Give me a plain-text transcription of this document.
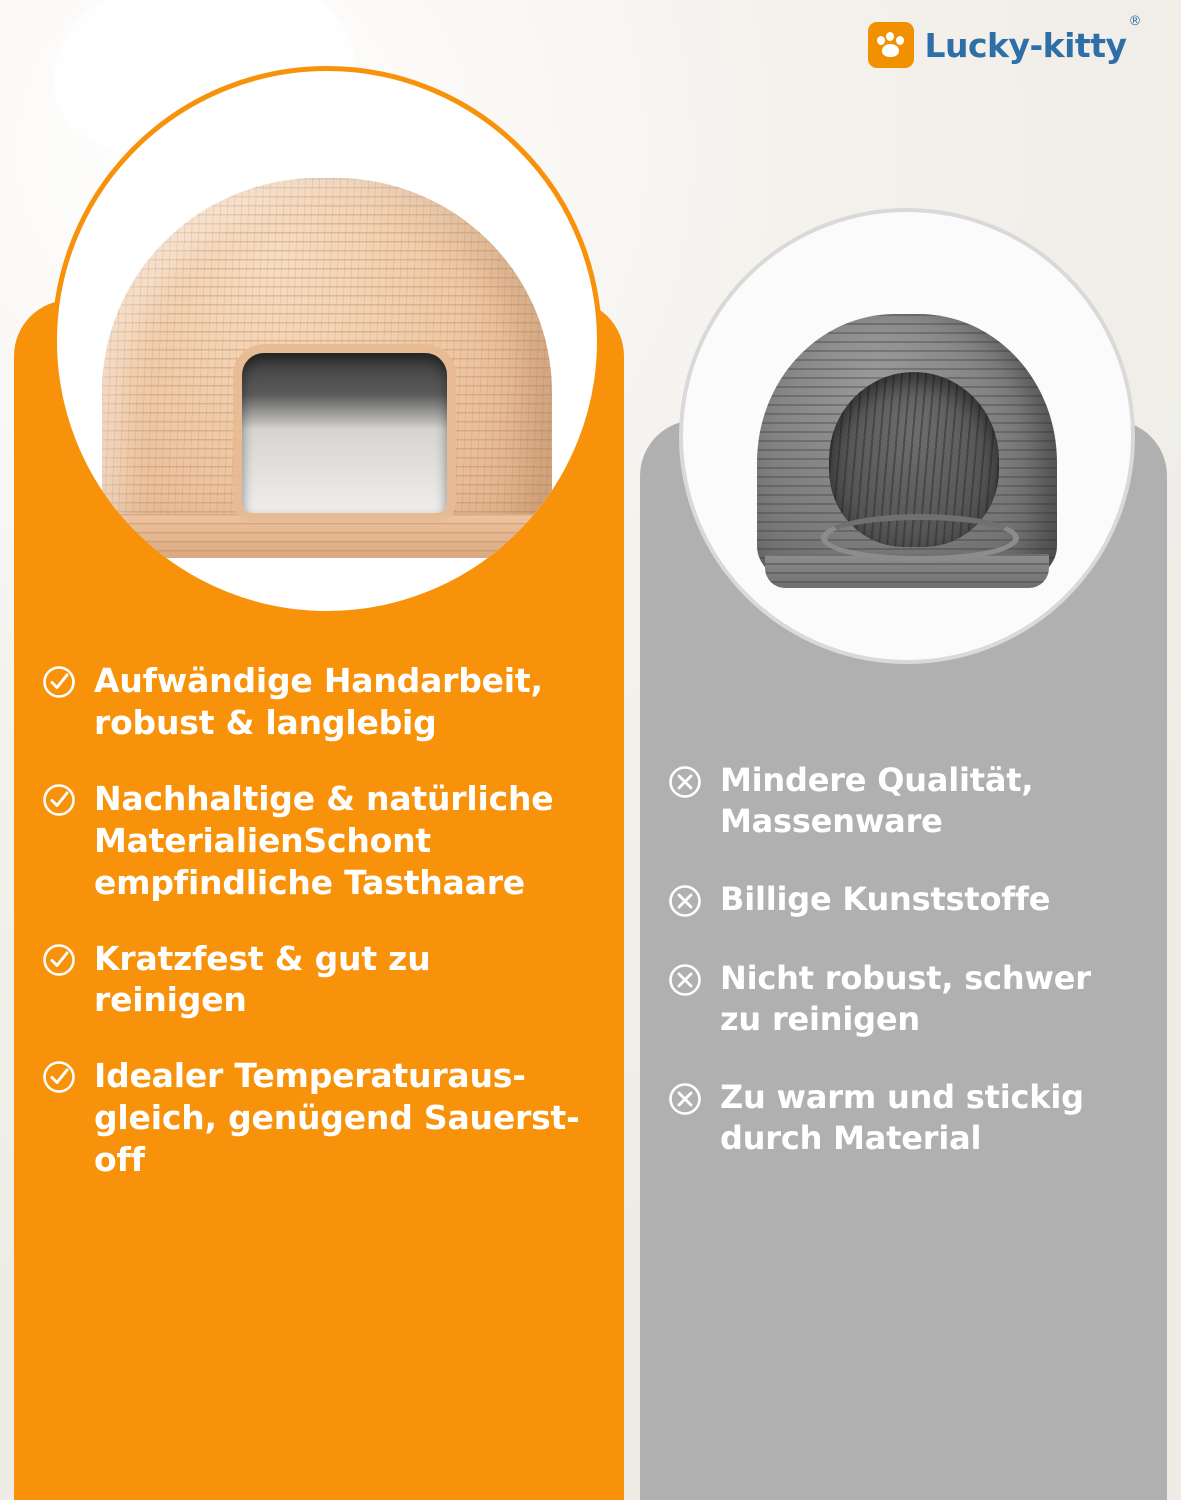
Lucky-kitty®
Aufwändige Handarbeit, robust & langlebig
Nachhaltige & natürliche MaterialienSchont empfindliche Tasthaare
Kratzfest & gut zu reinigen
Idealer Temperaturaus-gleich, genügend Sauerst-off
Mindere Qualität, Massenware
Billige Kunststoffe
Nicht robust, schwer zu reinigen
Zu warm und stickig durch Material
